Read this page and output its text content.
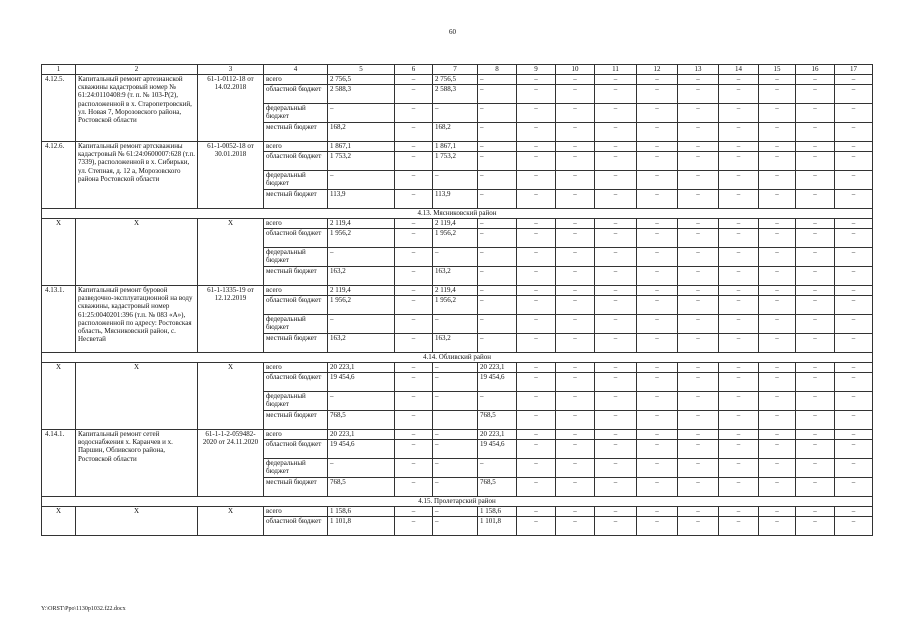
60
1	2	3	4	5	6	7	8	9	10	11	12	13	14	15	16	17
4.12.5.	Капитальный ремонт артезианской скважины кадастровый номер № 61:24:0110408:9 (т. п. № 103-Р(2), расположенной в х. Старопетровский, ул. Новая 7, Морозовского района, Ростовской области	61-1-0112-18 от 14.02.2018	всего	2 756,5	–	2 756,5	–	–	–	–	–	–	–	–	–	–
			областной бюджет	2 588,3	–	2 588,3	–	–	–	–	–	–	–	–	–	–
			федеральный бюджет	–	–	–	–	–	–	–	–	–	–	–	–	–
			местный бюджет	168,2	–	168,2	–	–	–	–	–	–	–	–	–	–
4.12.6.	Капитальный ремонт артскважины кадастровый № 61:24:0600007:628 (т.п. 7339), расположенной в х. Сибирьки, ул. Степная, д. 12 а, Морозовского района Ростовской области	61-1-0052-18 от 30.01.2018	всего	1 867,1	–	1 867,1	–	–	–	–	–	–	–	–	–	–
			областной бюджет	1 753,2	–	1 753,2	–	–	–	–	–	–	–	–	–	–
			федеральный бюджет	–	–	–	–	–	–	–	–	–	–	–	–	–
			местный бюджет	113,9	–	113,9	–	–	–	–	–	–	–	–	–	–
4.13. Мясниковский район																
Х	Х	Х	всего	2 119,4	–	2 119,4	–	–	–	–	–	–	–	–	–	–
			областной бюджет	1 956,2	–	1 956,2	–	–	–	–	–	–	–	–	–	–
			федеральный бюджет	–	–	–	–	–	–	–	–	–	–	–	–	–
			местный бюджет	163,2	–	163,2	–	–	–	–	–	–	–	–	–	–
4.13.1.	Капитальный ремонт буровой разведочно-эксплуатационной на воду скважины, кадастровый номер 61:25:0040201:396 (т.п. № 083 «А»), расположенной по адресу: Ростовская область, Мясниковский район, с. Несветай	61-1-1335-19 от 12.12.2019	всего	2 119,4	–	2 119,4	–	–	–	–	–	–	–	–	–	–
			областной бюджет	1 956,2	–	1 956,2	–	–	–	–	–	–	–	–	–	–
			федеральный бюджет	–	–	–	–	–	–	–	–	–	–	–	–	–
			местный бюджет	163,2	–	163,2	–	–	–	–	–	–	–	–	–	–
4.14. Обливский район																
Х	Х	Х	всего	20 223,1	–	–	20 223,1	–	–	–	–	–	–	–	–	–
			областной бюджет	19 454,6	–	–	19 454,6	–	–	–	–	–	–	–	–	–
			федеральный бюджет	–	–	–	–	–	–	–	–	–	–	–	–	–
			местный бюджет	768,5	–		768,5	–	–	–	–	–	–	–	–	–
4.14.1.	Капитальный ремонт сетей водоснабжения х. Каранчев и х. Паршин, Обливского района, Ростовской области	61-1-1-2-059482-2020 от 24.11.2020	всего	20 223,1	–	–	20 223,1	–	–	–	–	–	–	–	–	–
			областной бюджет	19 454,6	–	–	19 454,6	–	–	–	–	–	–	–	–	–
			федеральный бюджет	–	–	–	–	–	–	–	–	–	–	–	–	–
			местный бюджет	768,5	–	–	768,5	–	–	–	–	–	–	–	–	–
4.15. Пролетарский район																
Х	Х	Х	всего	1 158,6	–	–	1 158,6	–	–	–	–	–	–	–	–	–
			областной бюджет	1 101,8	–	–	1 101,8	–	–	–	–	–	–	–	–	–
Y:\ORST\Ppo\1130p1032.f22.docx
